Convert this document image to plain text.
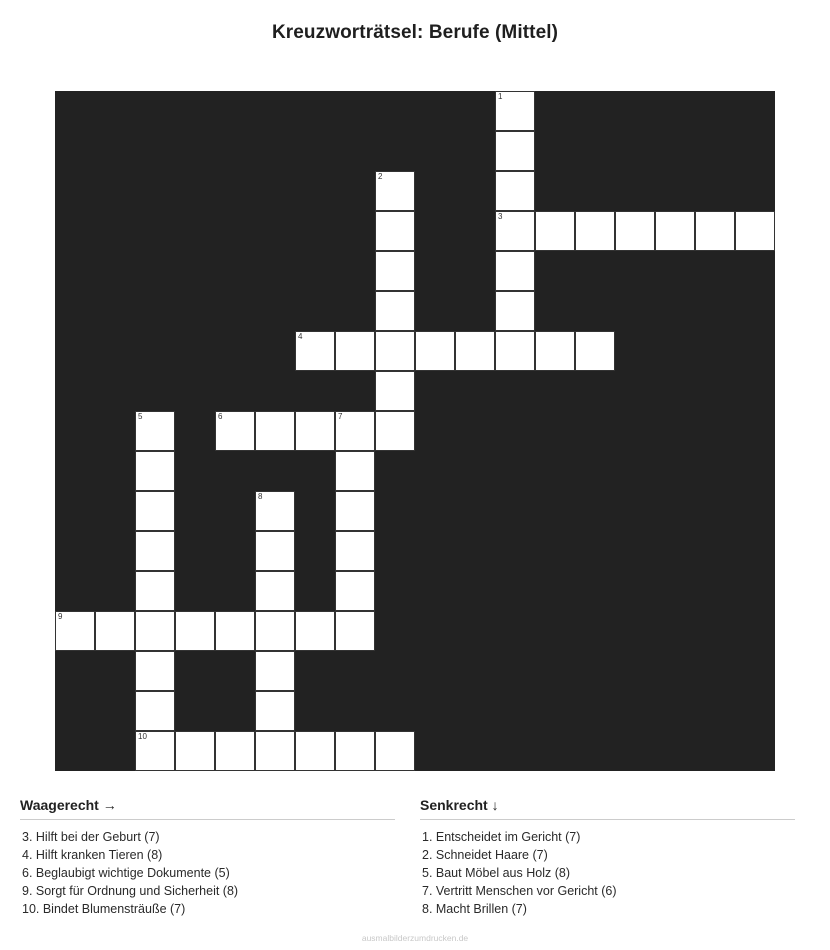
Kreuzworträtsel: Berufe (Mittel)
1
2
3
4
5	6	7
8
9
10
Waagerecht →
3. Hilft bei der Geburt (7)
4. Hilft kranken Tieren (8)
6. Beglaubigt wichtige Dokumente (5)
9. Sorgt für Ordnung und Sicherheit (8)
10. Bindet Blumensträuße (7)
Senkrecht ↓
1. Entscheidet im Gericht (7)
2. Schneidet Haare (7)
5. Baut Möbel aus Holz (8)
7. Vertritt Menschen vor Gericht (6)
8. Macht Brillen (7)
ausmalbilderzumdrucken.de
